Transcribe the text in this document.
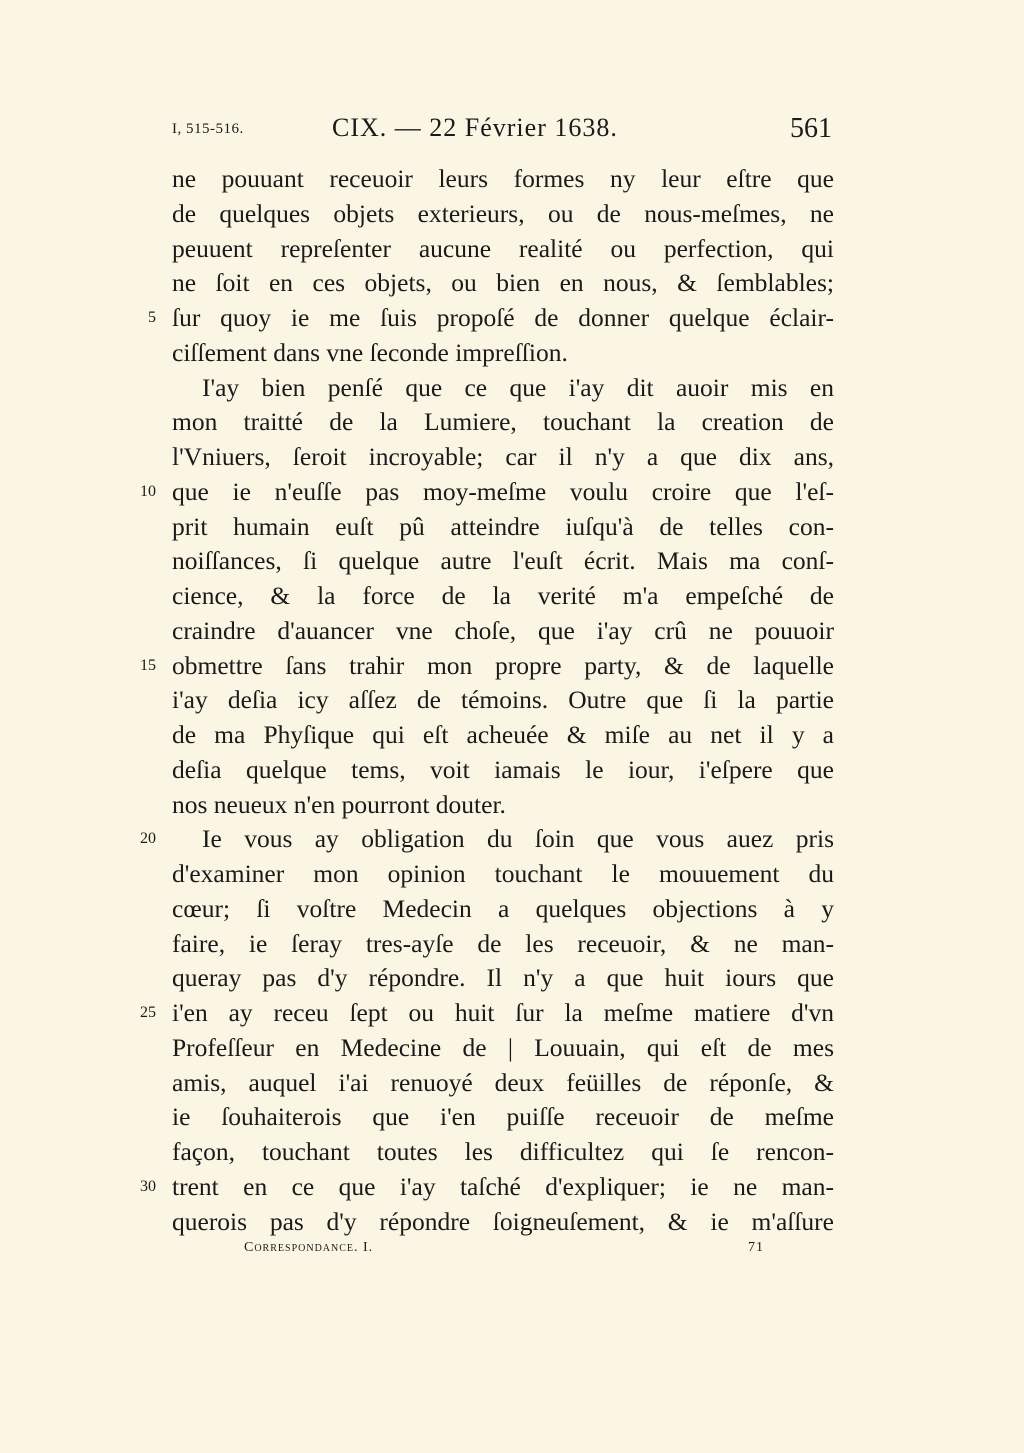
I, 515-516.	CIX. — 22 Février 1638.	561
ne pouuant receuoir leurs formes ny leur eſtre que
de quelques objets exterieurs, ou de nous-meſmes, ne
peuuent repreſenter aucune realité ou perfection, qui
ne ſoit en ces objets, ou bien en nous, & ſemblables;
5 ſur quoy ie me ſuis propoſé de donner quelque éclair-
ciſſement dans vne ſeconde impreſſion.
I'ay bien penſé que ce que i'ay dit auoir mis en
mon traitté de la Lumiere, touchant la creation de
l'Vniuers, ſeroit incroyable; car il n'y a que dix ans,
10 que ie n'euſſe pas moy-meſme voulu croire que l'eſ-
prit humain euſt pû atteindre iuſqu'à de telles con-
noiſſances, ſi quelque autre l'euſt écrit. Mais ma conſ-
cience, & la force de la verité m'a empeſché de
craindre d'auancer vne choſe, que i'ay crû ne pouuoir
15 obmettre ſans trahir mon propre party, & de laquelle
i'ay deſia icy aſſez de témoins. Outre que ſi la partie
de ma Phyſique qui eſt acheuée & miſe au net il y a
deſia quelque tems, voit iamais le iour, i'eſpere que
nos neueux n'en pourront douter.
20 Ie vous ay obligation du ſoin que vous auez pris
d'examiner mon opinion touchant le mouuement du
cœur; ſi voſtre Medecin a quelques objections à y
faire, ie ſeray tres-ayſe de les receuoir, & ne man-
queray pas d'y répondre. Il n'y a que huit iours que
25 i'en ay receu ſept ou huit ſur la meſme matiere d'vn
Profeſſeur en Medecine de | Louuain, qui eſt de mes
amis, auquel i'ai renuoyé deux feüilles de réponſe, &
ie ſouhaiterois que i'en puiſſe receuoir de meſme
façon, touchant toutes les difficultez qui ſe rencon-
30 trent en ce que i'ay taſché d'expliquer; ie ne man-
querois pas d'y répondre ſoigneuſement, & ie m'aſſure
Correspondance. I.	71
